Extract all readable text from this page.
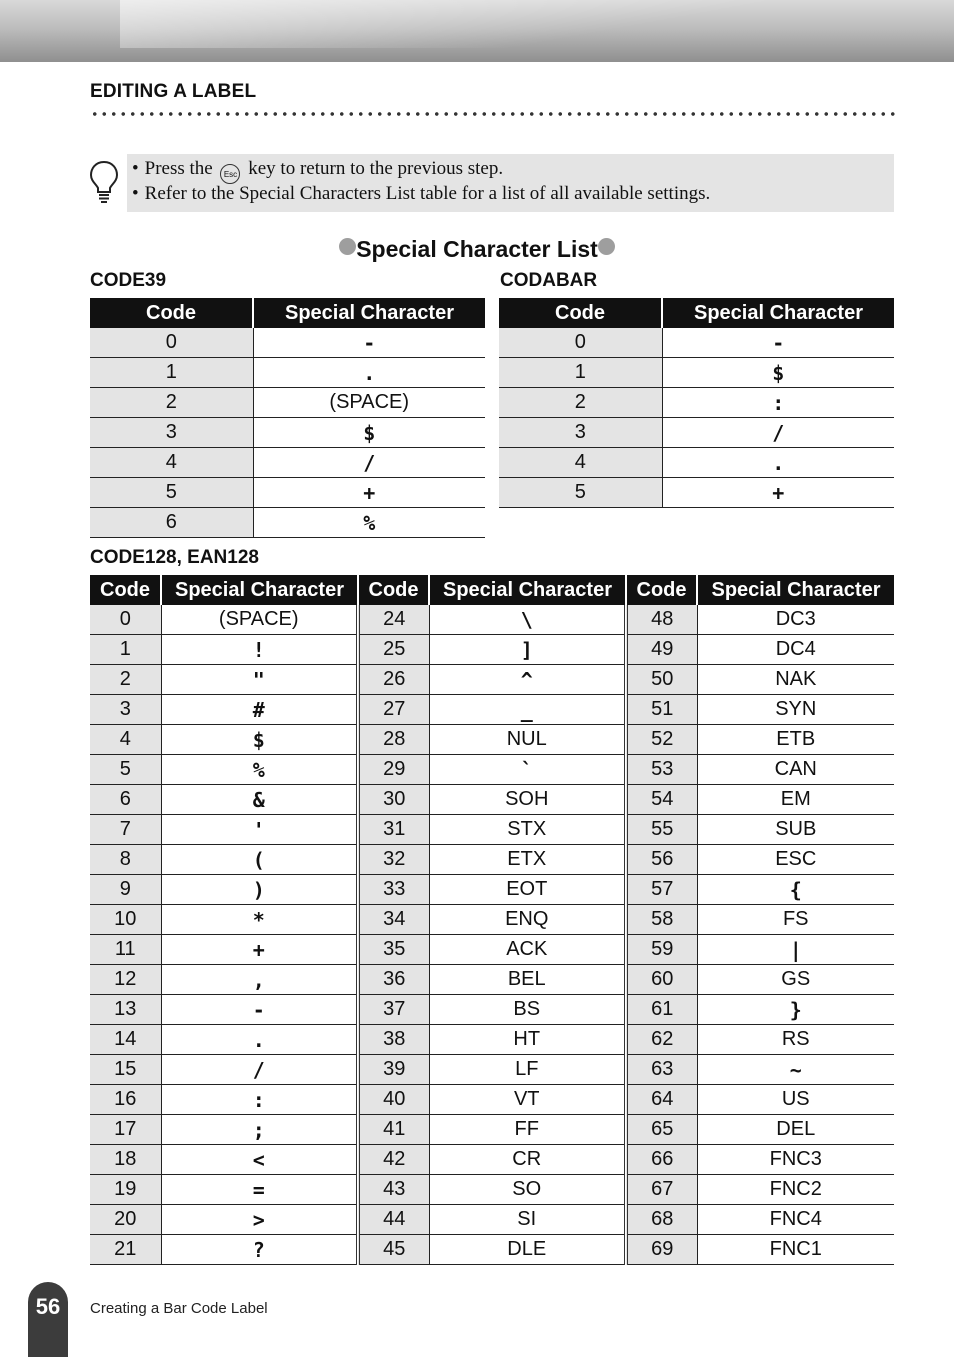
EDITING A LABEL
• Press the Esc key to return to the previous step.
• Refer to the Special Characters List table for a list of all available settings.
Special Character List
CODE39	CODABAR
Code	Special Character
0	-
1	.
2	(SPACE)
3	$
4	/
5	+
6	%
Code	Special Character
0	-
1	$
2	:
3	/
4	.
5	+
CODE128, EAN128
Code	Special Character	Code	Special Character	Code	Special Character
0	(SPACE)	24	\	48	DC3
1	!	25	]	49	DC4
2	"	26	^	50	NAK
3	#	27	_	51	SYN
4	$	28	NUL	52	ETB
5	%	29	`	53	CAN
6	&	30	SOH	54	EM
7	'	31	STX	55	SUB
8	(	32	ETX	56	ESC
9	)	33	EOT	57	{
10	*	34	ENQ	58	FS
11	+	35	ACK	59	|
12	,	36	BEL	60	GS
13	-	37	BS	61	}
14	.	38	HT	62	RS
15	/	39	LF	63	~
16	:	40	VT	64	US
17	;	41	FF	65	DEL
18	<	42	CR	66	FNC3
19	=	43	SO	67	FNC2
20	>	44	SI	68	FNC4
21	?	45	DLE	69	FNC1
56	Creating a Bar Code Label
